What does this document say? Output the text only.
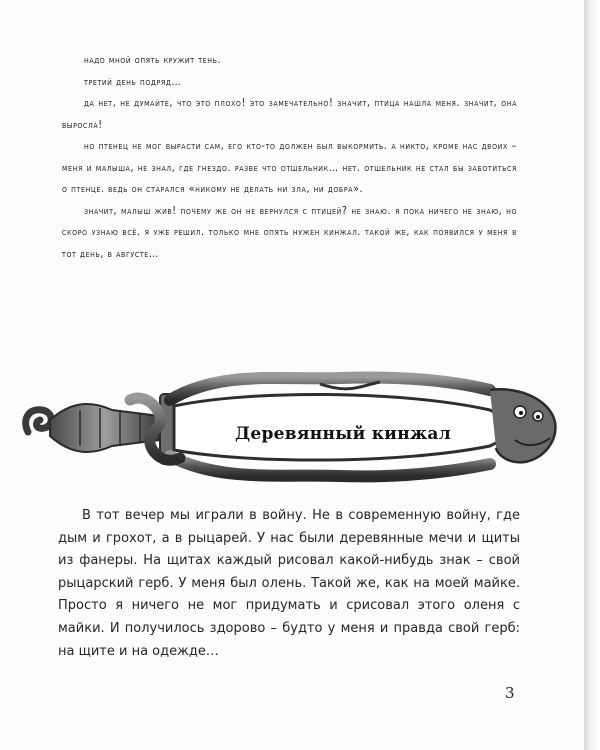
надо мной опять кружит тень.

третий день подряд…

да нет, не думайте, что это плохо! это замечательно! значит, птица нашла меня. значит, она выросла!

но птенец не мог вырасти сам, его кто-то должен был выкормить. а никто, кроме нас двоих – меня и малыша, не знал, где гнездо. разве что отшельник… нет. отшельник не стал бы заботиться о птенце. ведь он старался «никому не делать ни зла, ни добра».

значит, малыш жив! почему же он не вернулся с птицей? не знаю. я пока ничего не знаю, но скоро узнаю всё. я уже решил. только мне опять нужен кинжал. такой же, как появился у меня в тот день, в августе…

Деревянный кинжал

В тот вечер мы играли в войну. Не в современную войну, где дым и грохот, а в рыцарей. У нас были деревянные мечи и щиты из фанеры. На щитах каждый рисовал какой-нибудь знак – свой рыцарский герб. У меня был олень. Такой же, как на моей майке. Просто я ничего не мог придумать и срисовал этого оленя с майки. И получилось здорово – будто у меня и правда свой герб: на щите и на одежде…

3
